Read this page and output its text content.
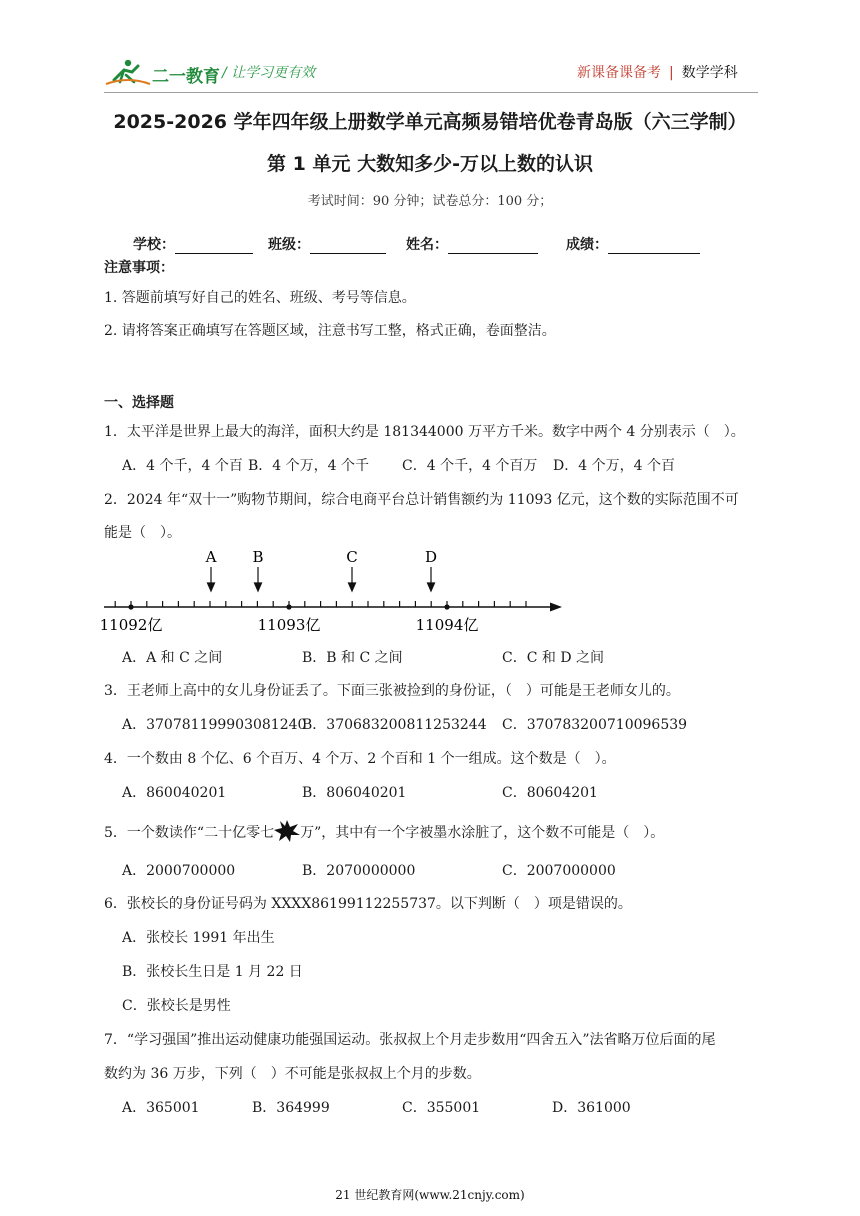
二一教育 / 让学习更有效	新课备课备考 | 数学学科
2025-2026 学年四年级上册数学单元高频易错培优卷青岛版（六三学制）
第 1 单元 大数知多少-万以上数的认识
考试时间：90 分钟；试卷总分：100 分；
学校：	班级：	姓名：	成绩：
注意事项：
1. 答题前填写好自己的姓名、班级、考号等信息。
2. 请将答案正确填写在答题区域，注意书写工整，格式正确，卷面整洁。
一、选择题
1．太平洋是世界上最大的海洋，面积大约是 181344000 万平方千米。数字中两个 4 分别表示（　）。
A．4 个千，4 个百 B．4 个万，4 个千 C．4 个千，4 个百万 D．4 个万，4 个百
2．2024 年“双十一”购物节期间，综合电商平台总计销售额约为 11093 亿元，这个数的实际范围不可
能是（　）。
A B	C	D
11092亿	11093亿	11094亿
A．A 和 C 之间	B．B 和 C 之间	C．C 和 D 之间
3．王老师上高中的女儿身份证丢了。下面三张被捡到的身份证，（　）可能是王老师女儿的。
A．370781199903081240
B．370683200811253244 C．370783200710096539
4．一个数由 8 个亿、6 个百万、4 个万、2 个百和 1 个一组成。这个数是（　）。
A．860040201	B．806040201	C．80604201
5．一个数读作“二十亿零七 万”，其中有一个字被墨水涂脏了，这个数不可能是（　）。
A．2000700000	B．2070000000	C．2007000000
6．张校长的身份证号码为 XXXX86199112255737。以下判断（　）项是错误的。
A．张校长 1991 年出生
B．张校长生日是 1 月 22 日
C．张校长是男性
7．“学习强国”推出运动健康功能强国运动。张叔叔上个月走步数用“四舍五入”法省略万位后面的尾
数约为 36 万步，下列（　）不可能是张叔叔上个月的步数。
A．365001	B．364999	C．355001	D．361000
21 世纪教育网(www.21cnjy.com)
